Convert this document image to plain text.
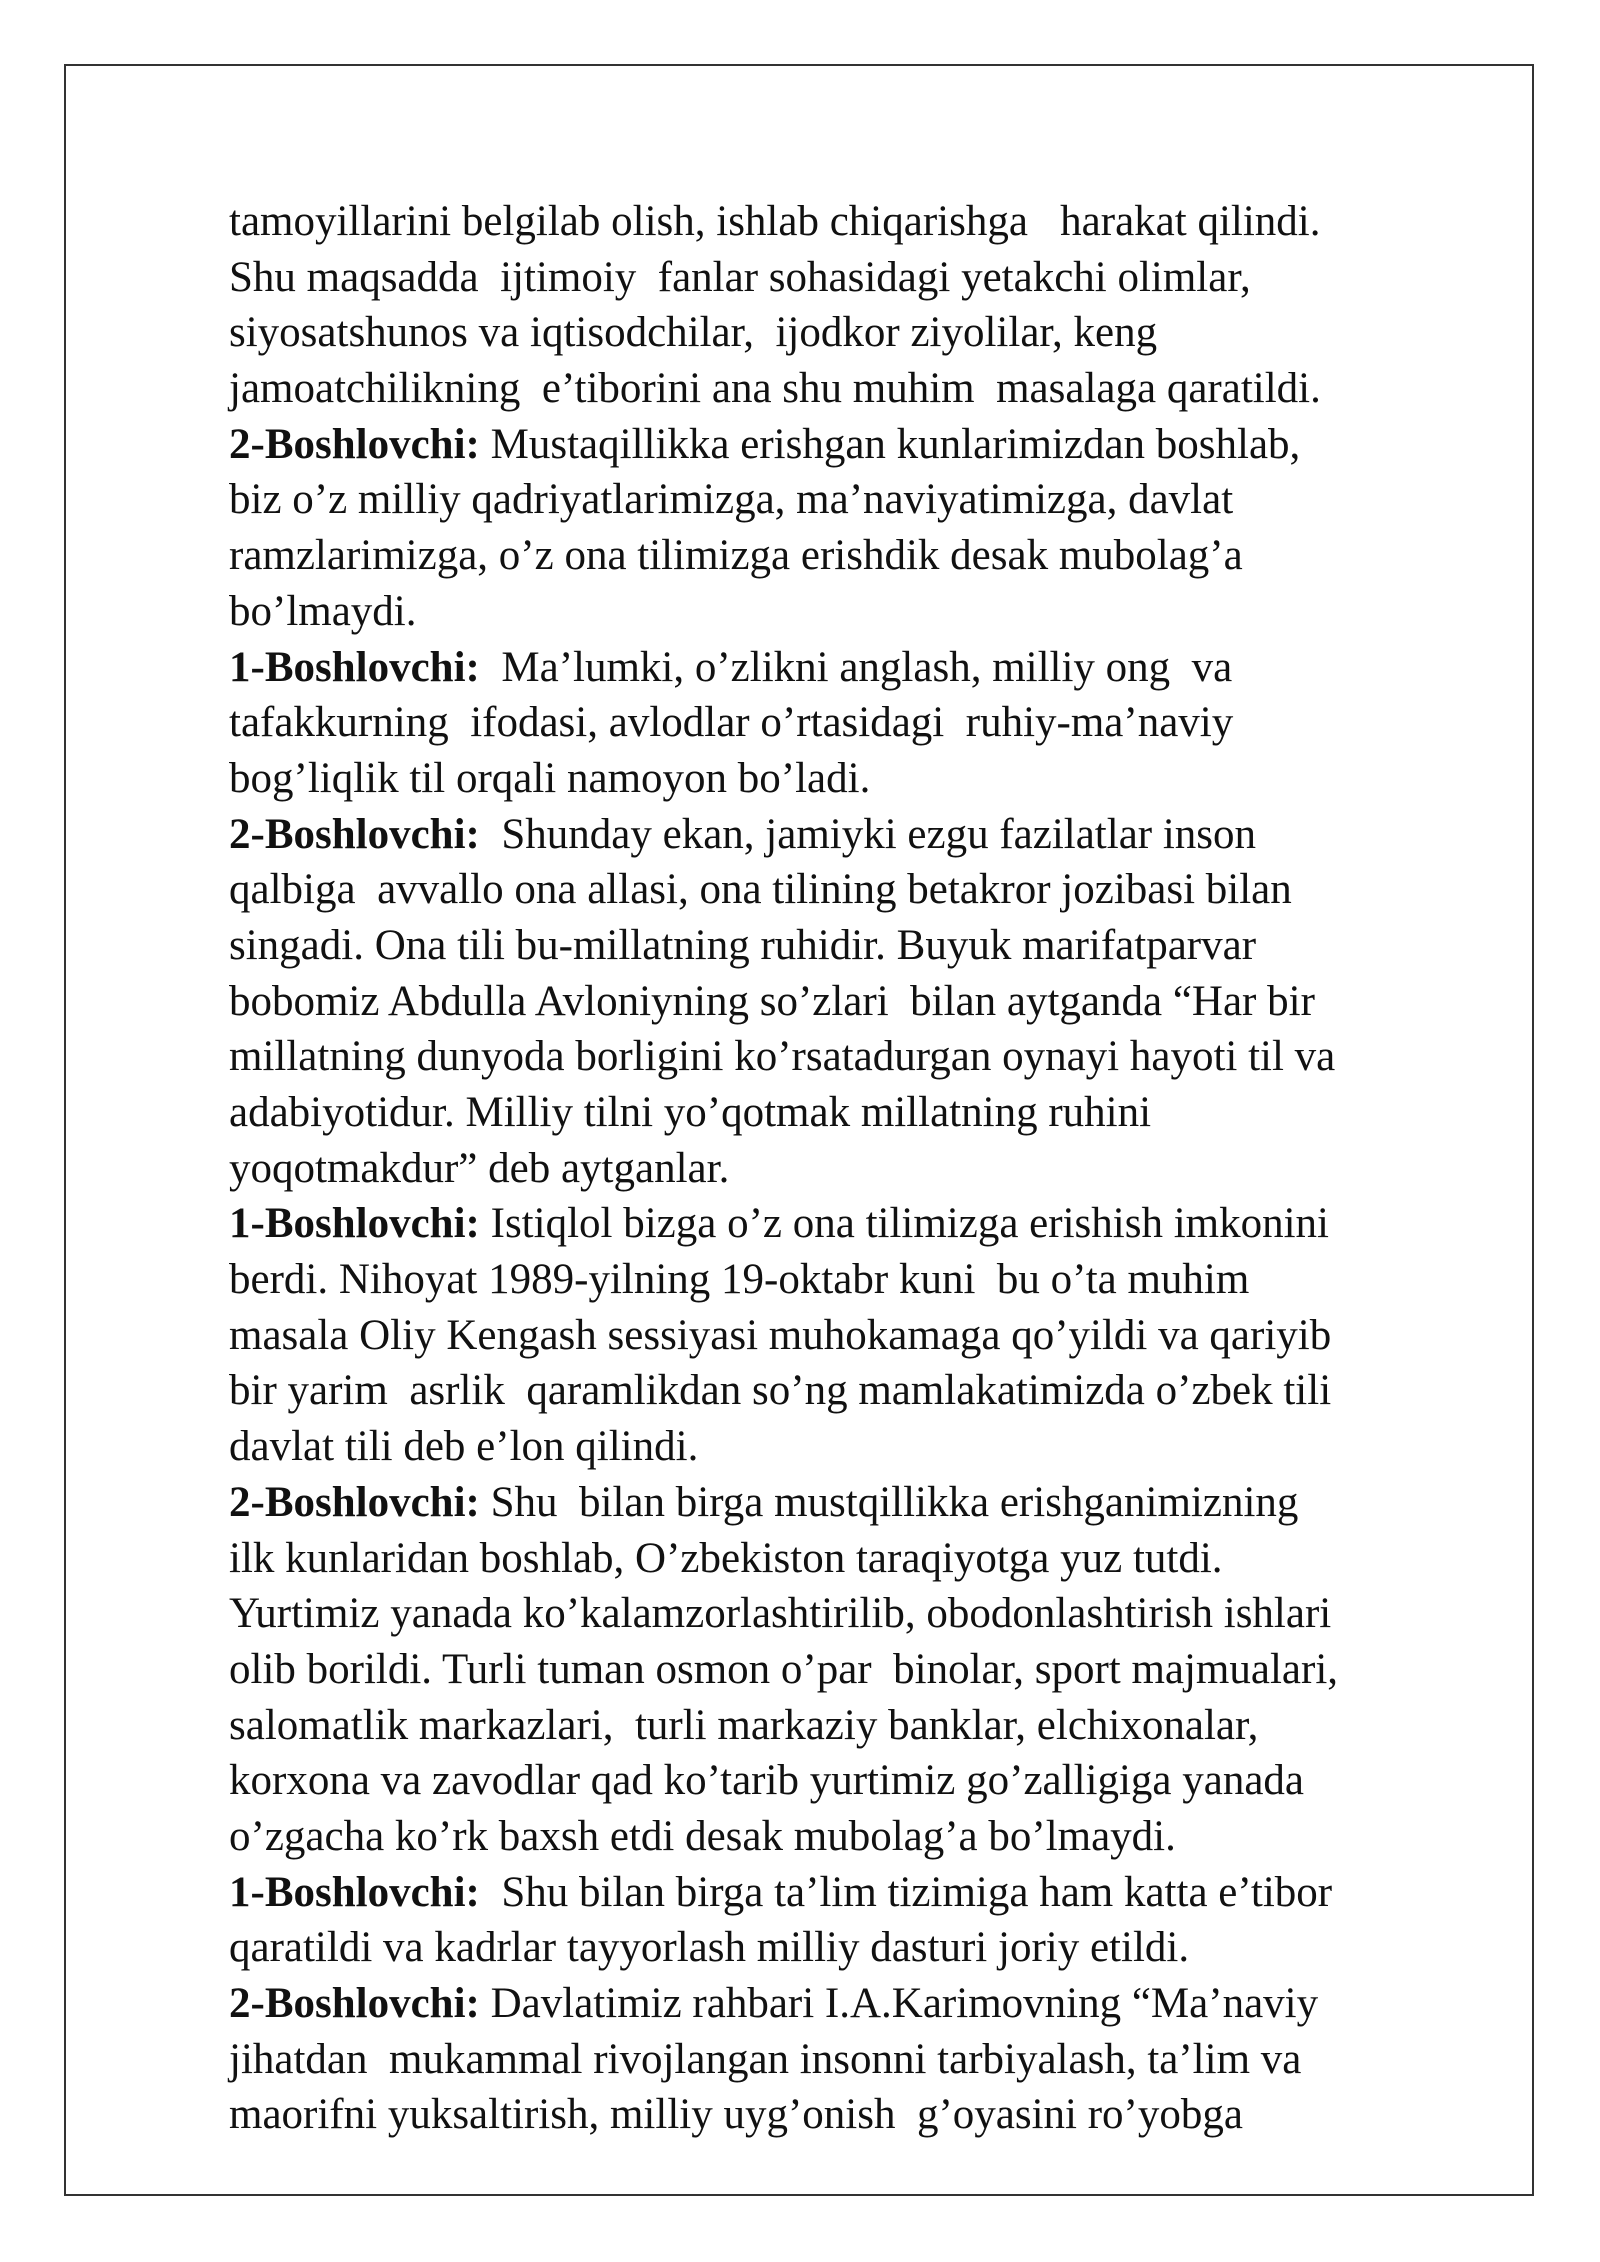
tamoyillarini belgilab olish, ishlab chiqarishga   harakat qilindi.
Shu maqsadda  ijtimoiy  fanlar sohasidagi yetakchi olimlar,
siyosatshunos va iqtisodchilar,  ijodkor ziyolilar, keng
jamoatchilikning  e’tiborini ana shu muhim  masalaga qaratildi.
2-Boshlovchi: Mustaqillikka erishgan kunlarimizdan boshlab,
biz o’z milliy qadriyatlarimizga, ma’naviyatimizga, davlat
ramzlarimizga, o’z ona tilimizga erishdik desak mubolag’a
bo’lmaydi.
1-Boshlovchi:  Ma’lumki, o’zlikni anglash, milliy ong  va
tafakkurning  ifodasi, avlodlar o’rtasidagi  ruhiy-ma’naviy
bog’liqlik til orqali namoyon bo’ladi.
2-Boshlovchi:  Shunday ekan, jamiyki ezgu fazilatlar inson
qalbiga  avvallo ona allasi, ona tilining betakror jozibasi bilan
singadi. Ona tili bu-millatning ruhidir. Buyuk marifatparvar
bobomiz Abdulla Avloniyning so’zlari  bilan aytganda “Har bir
millatning dunyoda borligini ko’rsatadurgan oynayi hayoti til va
adabiyotidur. Milliy tilni yo’qotmak millatning ruhini
yoqotmakdur” deb aytganlar.
1-Boshlovchi: Istiqlol bizga o’z ona tilimizga erishish imkonini
berdi. Nihoyat 1989-yilning 19-oktabr kuni  bu o’ta muhim
masala Oliy Kengash sessiyasi muhokamaga qo’yildi va qariyib
bir yarim  asrlik  qaramlikdan so’ng mamlakatimizda o’zbek tili
davlat tili deb e’lon qilindi.
2-Boshlovchi: Shu  bilan birga mustqillikka erishganimizning
ilk kunlaridan boshlab, O’zbekiston taraqiyotga yuz tutdi.
Yurtimiz yanada ko’kalamzorlashtirilib, obodonlashtirish ishlari
olib borildi. Turli tuman osmon o’par  binolar, sport majmualari,
salomatlik markazlari,  turli markaziy banklar, elchixonalar,
korxona va zavodlar qad ko’tarib yurtimiz go’zalligiga yanada
o’zgacha ko’rk baxsh etdi desak mubolag’a bo’lmaydi.
1-Boshlovchi:  Shu bilan birga ta’lim tizimiga ham katta e’tibor
qaratildi va kadrlar tayyorlash milliy dasturi joriy etildi.
2-Boshlovchi: Davlatimiz rahbari I.A.Karimovning “Ma’naviy
jihatdan  mukammal rivojlangan insonni tarbiyalash, ta’lim va
maorifni yuksaltirish, milliy uyg’onish  g’oyasini ro’yobga
